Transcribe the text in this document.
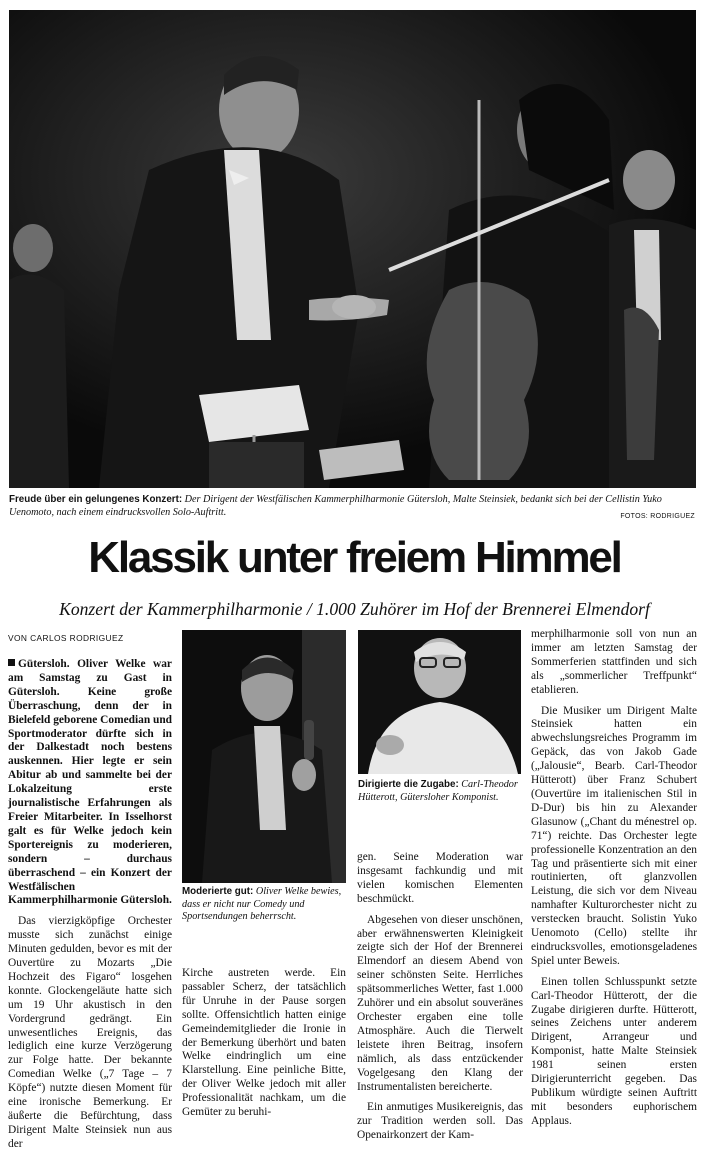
Freude über ein gelungenes Konzert: Der Dirigent der Westfälischen Kammerphilharmonie Gütersloh, Malte Steinsiek, bedankt sich bei der Cellistin Yuko Uenomoto, nach einem eindrucksvollen Solo-Auftritt.	FOTOS: RODRIGUEZ
Klassik unter freiem Himmel
Konzert der Kammerphilharmonie / 1.000 Zuhörer im Hof der Brennerei Elmendorf
VON CARLOS RODRIGUEZ

Gütersloh. Oliver Welke war am Samstag zu Gast in Gütersloh. Keine große Überraschung, denn der in Bielefeld geborene Comedian und Sportmoderator dürfte sich in der Dalkestadt noch bestens auskennen. Hier legte er sein Abitur ab und sammelte bei der Lokalzeitung erste journalistische Erfahrungen als Freier Mitarbeiter. In Isselhorst galt es für Welke jedoch kein Sportereignis zu moderieren, sondern – durchaus überraschend – ein Konzert der Westfälischen Kammerphilharmonie Gütersloh.

Das vierzigköpfige Orchester musste sich zunächst einige Minuten gedulden, bevor es mit der Ouvertüre zu Mozarts „Die Hochzeit des Figaro“ losgehen konnte. Glockengeläute hatte sich um 19 Uhr akustisch in den Vordergrund gedrängt. Ein unwesentliches Ereignis, das lediglich eine kurze Verzögerung zur Folge hatte. Der bekannte Comedian Welke („7 Tage – 7 Köpfe“) nutzte diesen Moment für eine ironische Bemerkung. Er äußerte die Befürchtung, dass Dirigent Malte Steinsiek nun aus der

Moderierte gut: Oliver Welke bewies, dass er nicht nur Comedy und Sportsendungen beherrscht.

Kirche austreten werde. Ein passabler Scherz, der tatsächlich für Unruhe in der Pause sorgen sollte. Offensichtlich hatten einige Gemeindemitglieder die Ironie in der Bemerkung überhört und baten Welke eindringlich um eine Klarstellung. Eine peinliche Bitte, der Oliver Welke jedoch mit aller Professionalität nachkam, um die Gemüter zu beruhi-

Dirigierte die Zugabe: Carl-Theodor Hütterott, Gütersloher Komponist.

gen. Seine Moderation war insgesamt fachkundig und mit vielen komischen Elementen beschmückt.

Abgesehen von dieser unschönen, aber erwähnenswerten Kleinigkeit zeigte sich der Hof der Brennerei Elmendorf an diesem Abend von seiner schönsten Seite. Herrliches spätsommerliches Wetter, fast 1.000 Zuhörer und ein absolut souveränes Orchester ergaben eine tolle Atmosphäre. Auch die Tierwelt leistete ihren Beitrag, insofern nämlich, als dass entzückender Vogelgesang den Klang der Instrumentalisten bereicherte.

Ein anmutiges Musikereignis, das zur Tradition werden soll. Das Openairkonzert der Kam-

merphilharmonie soll von nun an immer am letzten Samstag der Sommerferien stattfinden und sich als „sommerlicher Treffpunkt“ etablieren.

Die Musiker um Dirigent Malte Steinsiek hatten ein abwechslungsreiches Programm im Gepäck, das von Jakob Gade („Jalousie“, Bearb. Carl-Theodor Hütterott) über Franz Schubert (Ouvertüre im italienischen Stil in D-Dur) bis hin zu Alexander Glasunow („Chant du ménestrel op. 71“) reichte. Das Orchester legte professionelle Konzentration an den Tag und präsentierte sich mit einer routinierten, oft glanzvollen Leistung, die sich vor dem Niveau namhafter Kulturorchester nicht zu verstecken braucht. Solistin Yuko Uenomoto (Cello) stellte ihr eindrucksvolles, emotionsgeladenes Spiel unter Beweis.

Einen tollen Schlusspunkt setzte Carl-Theodor Hütterott, der die Zugabe dirigieren durfte. Hütterott, seines Zeichens unter anderem Dirigent, Arrangeur und Komponist, hatte Malte Steinsiek 1981 seinen ersten Dirigierunterricht gegeben. Das Publikum würdigte seinen Auftritt mit besonders euphorischem Applaus.
